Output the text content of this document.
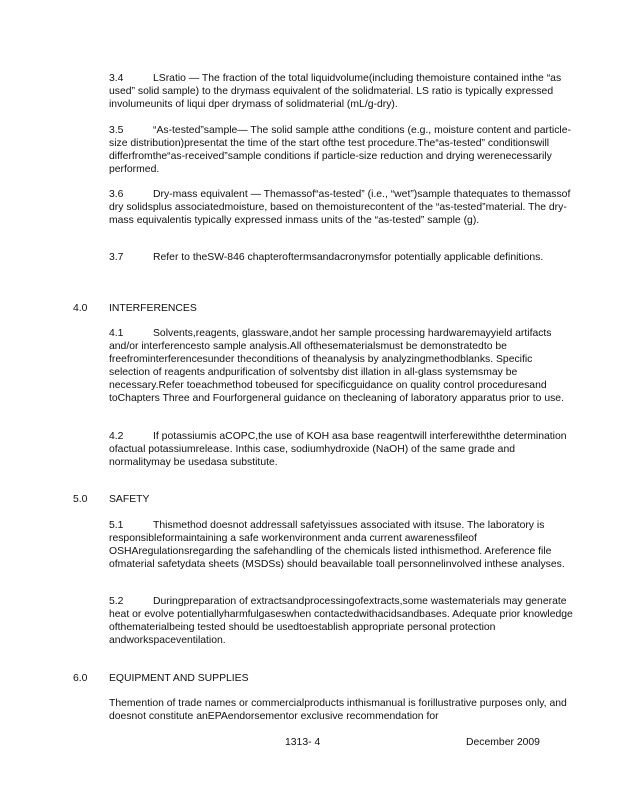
3.4	LSratio — The fraction of the total liquidvolume(including themoisture contained inthe “as used” solid sample) to the drymass equivalent of the solidmaterial. LS ratio is typically expressed involumeunits of liqui dper drymass of solidmaterial (mL/g-dry).

3.5	“As-tested”sample— The solid sample atthe conditions (e.g., moisture content and particle-size distribution)presentat the time of the start ofthe test procedure.The“as-tested” conditionswill differfromthe“as-received”sample conditions if particle-size reduction and drying werenecessarily performed.

3.6	Dry-mass equivalent — Themassof“as-tested” (i.e., “wet”)sample thatequates to themassof dry solidsplus associatedmoisture, based on themoisturecontent of the “as-tested”material. The dry-mass equivalentis typically expressed inmass units of the “as-tested” sample (g).

3.7	Refer to theSW-846 chapteroftermsandacronymsfor potentially applicable definitions.

4.0 INTERFERENCES

4.1	Solvents,reagents, glassware,andot her sample processing hardwaremayyield artifacts and/or interferencesto sample analysis.All ofthesematerialsmust be demonstratedto be freefrominterferencesunder theconditions of theanalysis by analyzingmethodblanks. Specific selection of reagents andpurification of solventsby dist illation in all-glass systemsmay be necessary.Refer toeachmethod tobeused for specificguidance on quality control proceduresand toChapters Three and Fourforgeneral guidance on thecleaning of laboratory apparatus prior to use.

4.2	If potassiumis aCOPC,the use of KOH asa base reagentwill interferewiththe determination ofactual potassiumrelease. Inthis case, sodiumhydroxide (NaOH) of the same grade and normalitymay be usedasa substitute.

5.0 SAFETY

5.1	Thismethod doesnot addressall safetyissues associated with itsuse. The laboratory is responsibleformaintaining a safe workenvironment anda current awarenessfileof OSHAregulationsregarding the safehandling of the chemicals listed inthismethod. Areference file ofmaterial safetydata sheets (MSDSs) should beavailable toall personnelinvolved inthese analyses.

5.2	Duringpreparation of extractsandprocessingofextracts,some wastematerials may generate heat or evolve potentiallyharmfulgaseswhen contactedwithacidsandbases. Adequate prior knowledge ofthematerialbeing tested should be usedtoestablish appropriate personal protection andworkspaceventilation.

6.0 EQUIPMENT AND SUPPLIES

Themention of trade names or commercialproducts inthismanual is forillustrative purposes only, and doesnot constitute anEPAendorsementor exclusive recommendation for

1313- 4	December 2009
